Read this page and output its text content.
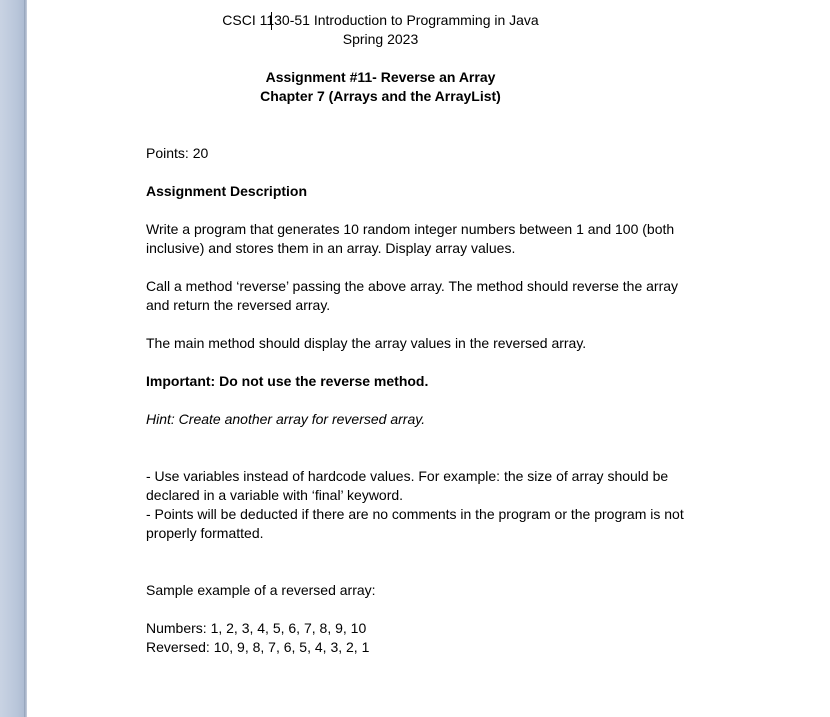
CSCI 1130-51 Introduction to Programming in Java
Spring 2023
Assignment #11- Reverse an Array
Chapter 7 (Arrays and the ArrayList)
Points: 20
Assignment Description
Write a program that generates 10 random integer numbers between 1 and 100 (both
inclusive) and stores them in an array. Display array values.
Call a method ‘reverse’ passing the above array. The method should reverse the array
and return the reversed array.
The main method should display the array values in the reversed array.
Important: Do not use the reverse method.
Hint: Create another array for reversed array.
- Use variables instead of hardcode values. For example: the size of array should be
declared in a variable with ‘final’ keyword.
- Points will be deducted if there are no comments in the program or the program is not
properly formatted.
Sample example of a reversed array:
Numbers: 1, 2, 3, 4, 5, 6, 7, 8, 9, 10
Reversed: 10, 9, 8, 7, 6, 5, 4, 3, 2, 1
